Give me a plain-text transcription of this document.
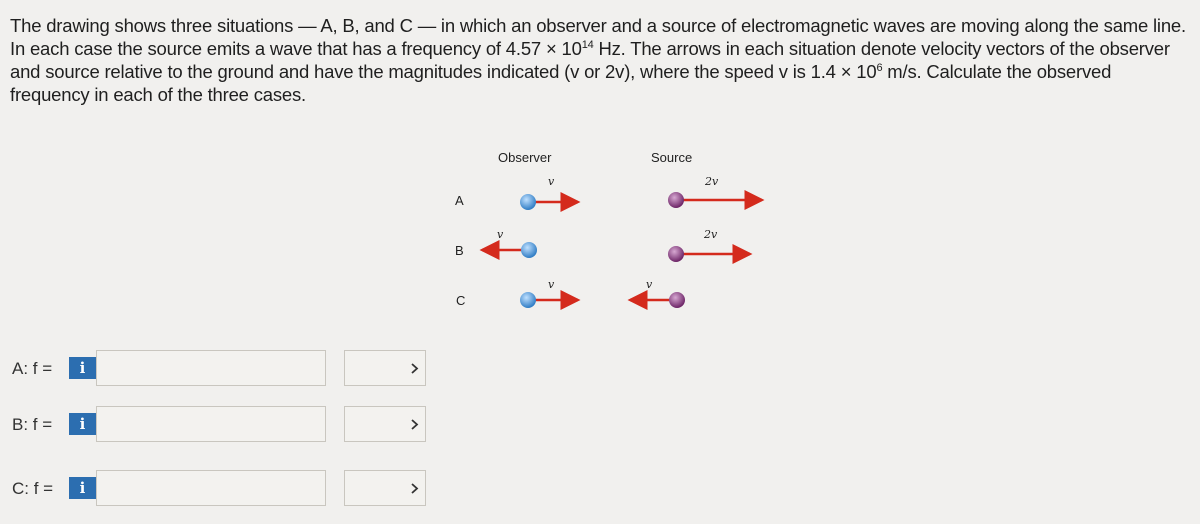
The drawing shows three situations — A, B, and C — in which an observer and a source of electromagnetic waves are moving along the same line. In each case the source emits a wave that has a frequency of $4.57 \times 10^{14}$ Hz. The arrows in each situation denote velocity vectors of the observer and source relative to the ground and have the magnitudes indicated (v or 2v), where the speed v is $1.4 \times 10^6$ m/s. Calculate the observed frequency in each of the three cases.
Observer	Source
A
B
C
v	2v
v	2v
v	v
A: f =	i
B: f =	i
C: f =	i
